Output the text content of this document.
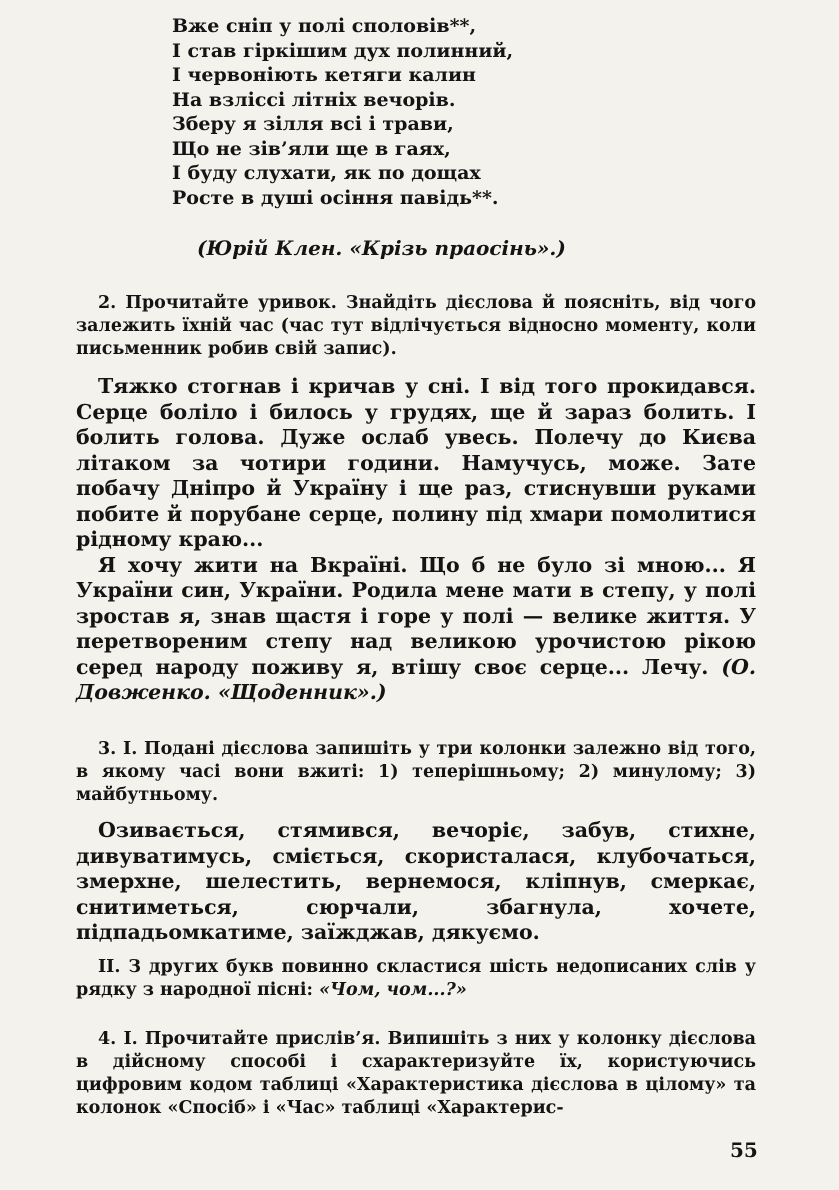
Вже сніп у полі споловів**,
І став гіркішим дух полинний,
І червоніють кетяги калин
На взліссі літніх вечорів.
Зберу я зілля всі і трави,
Що не зів’яли ще в гаях,
І буду слухати, як по дощах
Росте в душі осіння павідь**.
(Юрій Клен. «Крізь праосінь».)
2. Прочитайте уривок. Знайдіть дієслова й поясніть, від чого залежить їхній час (час тут відлічується відносно моменту, коли письменник робив свій запис).
Тяжко стогнав і кричав у сні. І від того прокидався. Серце боліло і билось у грудях, ще й зараз болить. І болить голова. Дуже ослаб увесь. Полечу до Києва літаком за чотири години. Намучусь, може. Зате побачу Дніпро й Україну і ще раз, стиснувши руками побите й порубане серце, полину під хмари помолитися рідному краю...
Я хочу жити на Вкраїні. Що б не було зі мною... Я України син, України. Родила мене мати в степу, у полі зростав я, знав щастя і горе у полі — велике життя. У перетвореним степу над великою урочистою рікою серед народу поживу я, втішу своє серце... Лечу. (О. Довженко. «Щоденник».)
3. І. Подані дієслова запишіть у три колонки залежно від того, в якому часі вони вжиті: 1) теперішньому; 2) минулому; 3) майбутньому.
Озивається, стямився, вечоріє, забув, стихне, дивуватимусь, сміється, скористалася, клубочаться, змерхне, шелестить, вернемося, кліпнув, смеркає, снитиметься, сюрчали, збагнула, хочете, підпадьомкатиме, заїжджав, дякуємо.
ІІ. З других букв повинно скластися шість недописаних слів у рядку з народної пісні: «Чом, чом...?»
4. І. Прочитайте прислів’я. Випишіть з них у колонку дієслова в дійсному способі і схарактеризуйте їх, користуючись цифровим кодом таблиці «Характеристика дієслова в цілому» та колонок «Спосіб» і «Час» таблиці «Характерис-
55
